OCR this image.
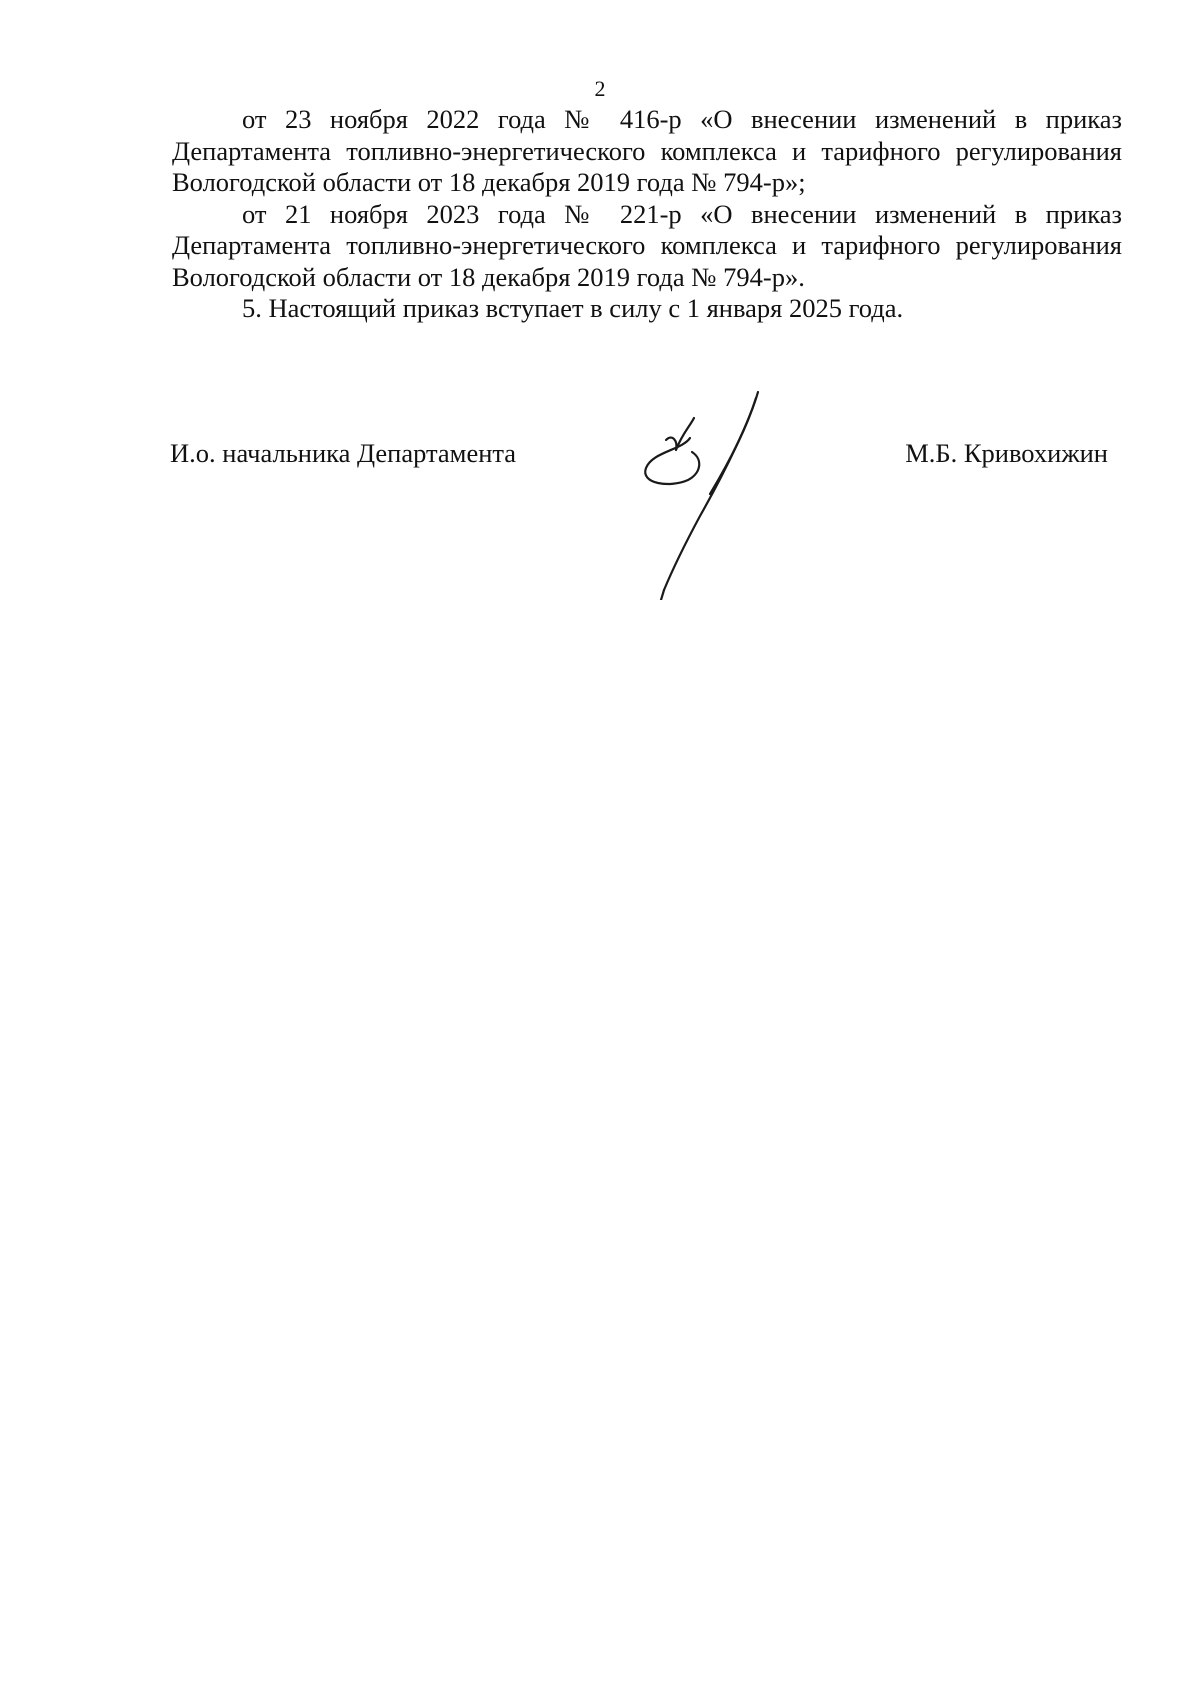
2

от 23 ноября 2022 года № 416-р «О внесении изменений в приказ Департамента топливно-энергетического комплекса и тарифного регулирования Вологодской области от 18 декабря 2019 года № 794-р»;

от 21 ноября 2023 года № 221-р «О внесении изменений в приказ Департамента топливно-энергетического комплекса и тарифного регулирования Вологодской области от 18 декабря 2019 года № 794-р».

5. Настоящий приказ вступает в силу с 1 января 2025 года.

И.о. начальника Департамента	М.Б. Кривохижин
